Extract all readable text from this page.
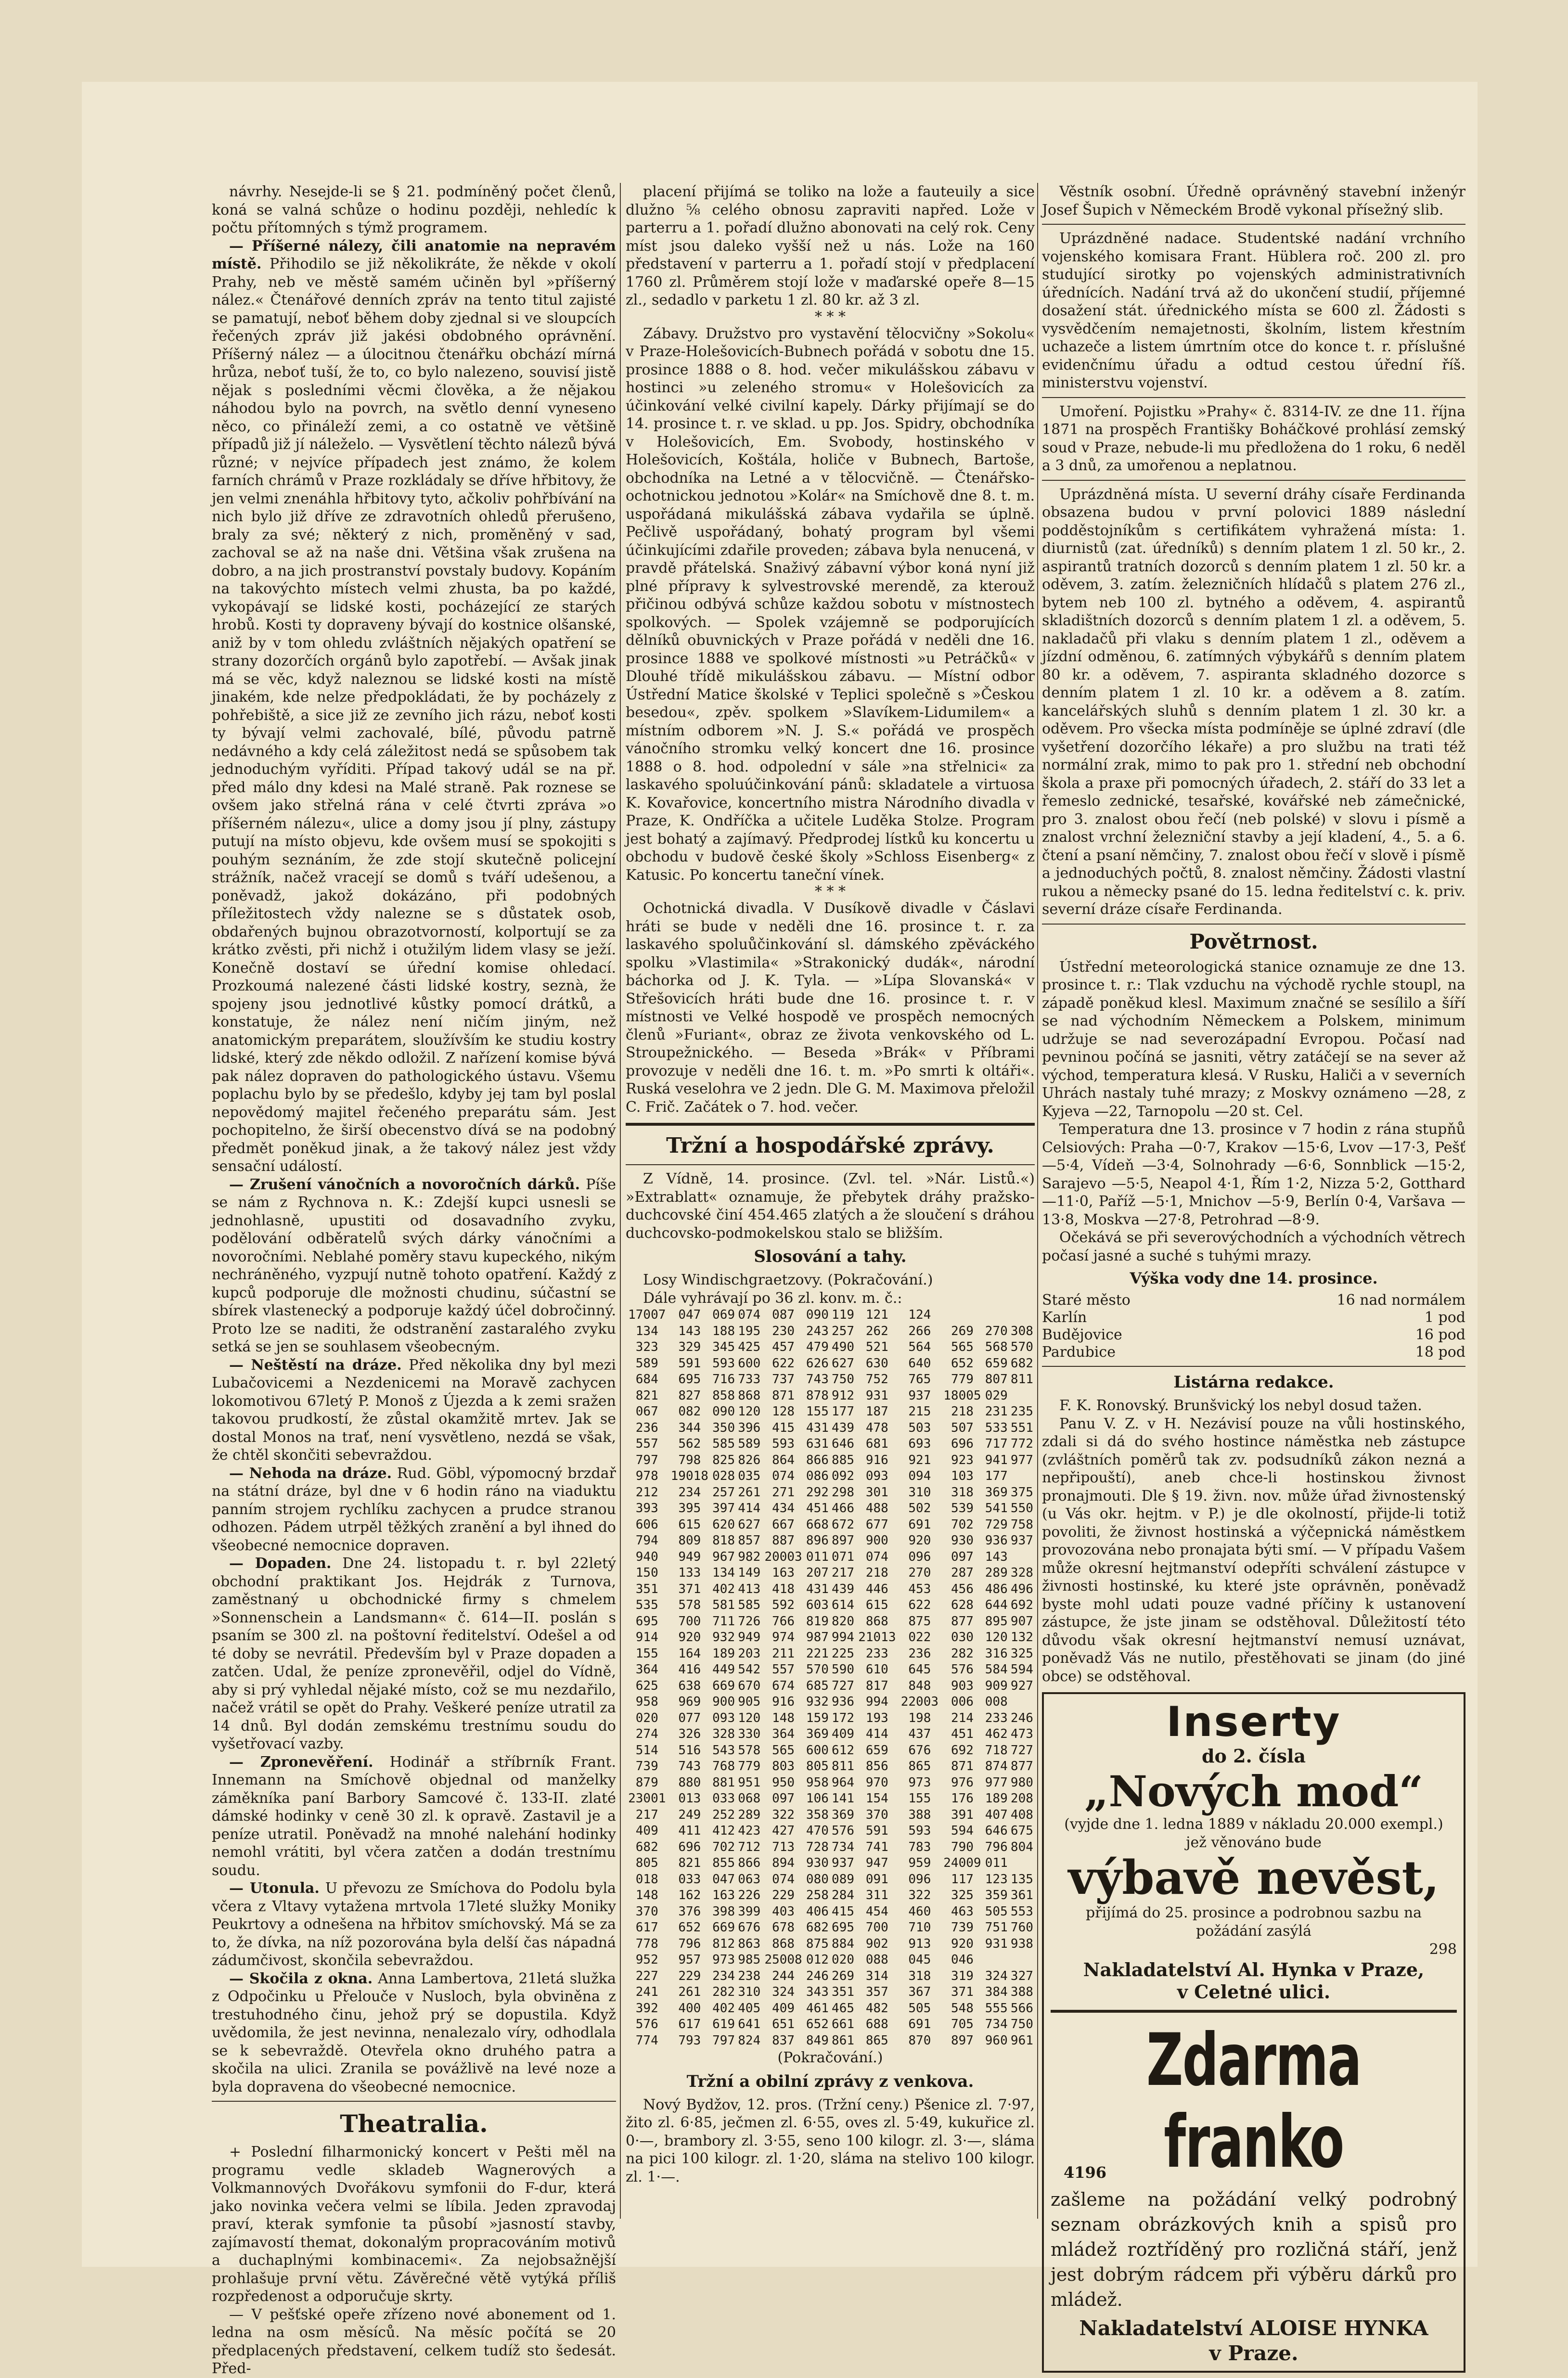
návrhy. Nesejde-li se § 21. podmíněný počet členů, koná se valná schůze o hodinu později, nehledíc k počtu přítomných s týmž programem.

— Příšerné nálezy, čili anatomie na nepravém místě. Přihodilo se již několikráte, že někde v okolí Prahy, neb ve městě samém učiněn byl »příšerný nález.« Čtenářové denních zpráv na tento titul zajisté se pamatují, neboť během doby zjednal si ve sloupcích řečených zpráv již jakési obdobného oprávnění. Příšerný nález — a úlocitnou čtenářku obchází mírná hrůza, neboť tuší, že to, co bylo nalezeno, souvisí jistě nějak s posledními věcmi člověka, a že nějakou náhodou bylo na povrch, na světlo denní vyneseno něco, co přináleží zemi, a co ostatně ve většině případů již jí náleželo. — Vysvětlení těchto nálezů bývá různé; v nejvíce případech jest známo, že kolem farních chrámů v Praze rozkládaly se dříve hřbitovy, že jen velmi znenáhla hřbitovy tyto, ačkoliv pohřbívání na nich bylo již dříve ze zdravotních ohledů přerušeno, braly za své; některý z nich, proměněný v sad, zachoval se až na naše dni. Většina však zrušena na dobro, a na jich prostranství povstaly budovy. Kopáním na takovýchto místech velmi zhusta, ba po každé, vykopávají se lidské kosti, pocházející ze starých hrobů. Kosti ty dopraveny bývají do kostnice olšanské, aniž by v tom ohledu zvláštních nějakých opatření se strany dozorčích orgánů bylo zapotřebí. — Avšak jinak má se věc, když naleznou se lidské kosti na místě jinakém, kde nelze předpokládati, že by pocházely z pohřebiště, a sice již ze zevního jich rázu, neboť kosti ty bývají velmi zachovalé, bílé, původu patrně nedávného a kdy celá záležitost nedá se spůsobem tak jednoduchým vyříditi. Případ takový udál se na př. před málo dny kdesi na Malé straně. Pak roznese se ovšem jako střelná rána v celé čtvrti zpráva »o příšerném nálezu«, ulice a domy jsou jí plny, zástupy putují na místo objevu, kde ovšem musí se spokojiti s pouhým seznáním, že zde stojí skutečně policejní strážník, načež vracejí se domů s tváří udešenou, a poněvadž, jakož dokázáno, při podobných příležitostech vždy nalezne se s důstatek osob, obdařených bujnou obrazotvorností, kolportují se za krátko zvěsti, při nichž i otužilým lidem vlasy se ježí. Konečně dostaví se úřední komise ohledací. Prozkoumá nalezené části lidské kostry, seznà, že spojeny jsou jednotlivé kůstky pomocí drátků, a konstatuje, že nález není ničím jiným, než anatomickým preparátem, sloužívším ke studiu kostry lidské, který zde někdo odložil. Z nařízení komise bývá pak nález dopraven do pathologického ústavu. Všemu poplachu bylo by se předešlo, kdyby jej tam byl poslal nepovědomý majitel řečeného preparátu sám. Jest pochopitelno, že širší obecenstvo dívá se na podobný předmět poněkud jinak, a že takový nález jest vždy sensační událostí.

— Zrušení vánočních a novoročních dárků. Píše se nám z Rychnova n. K.: Zdejší kupci usnesli se jednohlasně, upustiti od dosavadního zvyku, podělování odběratelů svých dárky vánočními a novoročními. Neblahé poměry stavu kupeckého, nikým nechráněného, vyzpují nutně tohoto opatření. Každý z kupců podporuje dle možnosti chudinu, súčastní se sbírek vlastenecký a podporuje každý účel dobročinný. Proto lze se naditi, že odstranění zastaralého zvyku setká se jen se souhlasem všeobecným.

— Neštěstí na dráze. Před několika dny byl mezi Lubačovicemi a Nezdenicemi na Moravě zachycen lokomotivou 67letý P. Monoš z Újezda a k zemi sražen takovou prudkostí, že zůstal okamžitě mrtev. Jak se dostal Monos na trať, není vysvětleno, nezdá se však, že chtěl skončiti sebevraždou.

— Nehoda na dráze. Rud. Göbl, výpomocný brzdař na státní dráze, byl dne v 6 hodin ráno na viaduktu panním strojem rychlíku zachycen a prudce stranou odhozen. Pádem utrpěl těžkých zranění a byl ihned do všeobecné nemocnice dopraven.

— Dopaden. Dne 24. listopadu t. r. byl 22letý obchodní praktikant Jos. Hejdrák z Turnova, zaměstnaný u obchodnické firmy s chmelem »Sonnenschein a Landsmann« č. 614—II. poslán s psaním se 300 zl. na poštovní ředitelství. Odešel a od té doby se nevrátil. Především byl v Praze dopaden a zatčen. Udal, že peníze zpronevěřil, odjel do Vídně, aby si prý vyhledal nějaké místo, což se mu nezdařilo, načež vrátil se opět do Prahy. Veškeré peníze utratil za 14 dnů. Byl dodán zemskému trestnímu soudu do vyšetřovací vazby.

— Zpronevěření. Hodinář a stříbrník Frant. Innemann na Smíchově objednal od manželky záměkníka paní Barbory Samcové č. 133-II. zlaté dámské hodinky v ceně 30 zl. k opravě. Zastavil je a peníze utratil. Poněvadž na mnohé nalehání hodinky nemohl vrátiti, byl včera zatčen a dodán trestnímu soudu.

— Utonula. U převozu ze Smíchova do Podolu byla včera z Vltavy vytažena mrtvola 17leté služky Moniky Peukrtovy a odnešena na hřbitov smíchovský. Má se za to, že dívka, na níž pozorována byla delší čas nápadná zádumčivost, skončila sebevraždou.

— Skočila z okna. Anna Lambertova, 21letá služka z Odpočinku u Přelouče v Nusloch, byla obviněna z trestuhodného činu, jehož prý se dopustila. Když uvědomila, že jest nevinna, nenalezalo víry, odhodlala se k sebevraždě. Otevřela okno druhého patra a skočila na ulici. Zranila se povážlivě na levé noze a byla dopravena do všeobecné nemocnice.

Theatralia.

+ Poslední filharmonický koncert v Pešti měl na programu vedle skladeb Wagnerových a Volkmannových Dvořákovu symfonii do F-dur, která jako novinka večera velmi se líbila. Jeden zpravodaj praví, kterak symfonie ta působí »jasností stavby, zajímavostí themat, dokonalým propracováním motivů a duchaplnými kombinacemi«. Za nejobsažnější prohlašuje první větu. Závěrečné větě vytýká příliš rozpředenost a odporučuje skrty.

— V pešťské opeře zřízeno nové abonement od 1. ledna na osm měsíců. Na měsíc počítá se 20 předplacených představení, celkem tudíž sto šedesát. Před-

placení přijímá se toliko na lože a fauteuily a sice dlužno ⅝ celého obnosu zapraviti napřed. Lože v parterru a 1. pořadí dlužno abonovati na celý rok. Ceny míst jsou daleko vyšší než u nás. Lože na 160 představení v parterru a 1. pořadí stojí v předplacení 1760 zl. Průměrem stojí lože v maďarské opeře 8—15 zl., sedadlo v parketu 1 zl. 80 kr. až 3 zl.

* * *

Zábavy. Družstvo pro vystavění tělocvičny »Sokolu« v Praze-Holešovicích-Bubnech pořádá v sobotu dne 15. prosince 1888 o 8. hod. večer mikulášskou zábavu v hostinci »u zeleného stromu« v Holešovicích za účinkování velké civilní kapely. Dárky přijímají se do 14. prosince t. r. ve sklad. u pp. Jos. Spidry, obchodníka v Holešovicích, Em. Svobody, hostinského v Holešovicích, Koštála, holiče v Bubnech, Bartoše, obchodníka na Letné a v tělocvičně. — Čtenářsko-ochotnickou jednotou »Kolár« na Smíchově dne 8. t. m. uspořádaná mikulášská zábava vydařila se úplně. Pečlivě uspořádaný, bohatý program byl všemi účinkujícími zdařile proveden; zábava byla nenucená, v pravdě přátelská. Snaživý zábavní výbor koná nyní již plné přípravy k sylvestrovské merendě, za kterouž přičinou odbývá schůze každou sobotu v místnostech spolkových. — Spolek vzájemně se podporujících dělníků obuvnických v Praze pořádá v neděli dne 16. prosince 1888 ve spolkové místnosti »u Petráčků« v Dlouhé třídě mikulášskou zábavu. — Místní odbor Ústřední Matice školské v Teplici společně s »Českou besedou«, zpěv. spolkem »Slavíkem-Lidumilem« a místním odborem »N. J. S.« pořádá ve prospěch vánočního stromku velký koncert dne 16. prosince 1888 o 8. hod. odpolední v sále »na střelnici« za laskavého spoluúčinkování pánů: skladatele a virtuosa K. Kovařovice, koncertního mistra Národního divadla v Praze, K. Ondříčka a učitele Luděka Stolze. Program jest bohatý a zajímavý. Předprodej lístků ku koncertu u obchodu v budově české školy »Schloss Eisenberg« z Katusic. Po koncertu taneční vínek.

* * *

Ochotnická divadla. V Dusíkově divadle v Čáslavi hráti se bude v neděli dne 16. prosince t. r. za laskavého spoluůčinkování sl. dámského zpěváckého spolku »Vlastimila« »Strakonický dudák«, národní báchorka od J. K. Tyla. — »Lípa Slovanská« v Střešovicích hráti bude dne 16. prosince t. r. v místnosti ve Velké hospodě ve prospěch nemocných členů »Furiant«, obraz ze života venkovského od L. Stroupežnického. — Beseda »Brák« v Příbrami provozuje v neděli dne 16. t. m. »Po smrti k oltáři«. Ruská veselohra ve 2 jedn. Dle G. M. Maximova přeložil C. Frič. Začátek o 7. hod. večer.

Tržní a hospodářské zprávy.

Z Vídně, 14. prosince. (Zvl. tel. »Nár. Listů.«) »Extrablatt« oznamuje, že přebytek dráhy pražsko-duchcovské činí 454.465 zlatých a že sloučení s dráhou duchcovsko-podmokelskou stalo se bližším.

Slosování a tahy.

Losy Windischgraetzovy. (Pokračování.)

Dále vyhrávají po 36 zl. konv. m. č.:

17007	047	069	074	087	090	119	121	124			
134	143	188	195	230	243	257	262	266	269	270	308
323	329	345	425	457	479	490	521	564	565	568	570
589	591	593	600	622	626	627	630	640	652	659	682
684	695	716	733	737	743	750	752	765	779	807	811
821	827	858	868	871	878	912	931	937	18005	029	
067	082	090	120	128	155	177	187	215	218	231	235
236	344	350	396	415	431	439	478	503	507	533	551
557	562	585	589	593	631	646	681	693	696	717	772
797	798	825	826	864	866	885	916	921	923	941	977
978	19018	028	035	074	086	092	093	094	103	177	
212	234	257	261	271	292	298	301	310	318	369	375
393	395	397	414	434	451	466	488	502	539	541	550
606	615	620	627	667	668	672	677	691	702	729	758
794	809	818	857	887	896	897	900	920	930	936	937
940	949	967	982	20003	011	071	074	096	097	143	
150	133	134	149	163	207	217	218	270	287	289	328
351	371	402	413	418	431	439	446	453	456	486	496
535	578	581	585	592	603	614	615	622	628	644	692
695	700	711	726	766	819	820	868	875	877	895	907
914	920	932	949	974	987	994	21013	022	030	120	132
155	164	189	203	211	221	225	233	236	282	316	325
364	416	449	542	557	570	590	610	645	576	584	594
625	638	669	670	674	685	727	817	848	903	909	927
958	969	900	905	916	932	936	994	22003	006	008	
020	077	093	120	148	159	172	193	198	214	233	246
274	326	328	330	364	369	409	414	437	451	462	473
514	516	543	578	565	600	612	659	676	692	718	727
739	743	768	779	803	805	811	856	865	871	874	877
879	880	881	951	950	958	964	970	973	976	977	980
23001	013	033	068	097	106	141	154	155	176	189	208
217	249	252	289	322	358	369	370	388	391	407	408
409	411	412	423	427	470	576	591	593	594	646	675
682	696	702	712	713	728	734	741	783	790	796	804
805	821	855	866	894	930	937	947	959	24009	011	
018	033	047	063	074	080	089	091	096	117	123	135
148	162	163	226	229	258	284	311	322	325	359	361
370	376	398	399	403	406	415	454	460	463	505	553
617	652	669	676	678	682	695	700	710	739	751	760
778	796	812	863	868	875	884	902	913	920	931	938
952	957	973	985	25008	012	020	088	045	046		
227	229	234	238	244	246	269	314	318	319	324	327
241	261	282	310	324	343	351	357	367	371	384	388
392	400	402	405	409	461	465	482	505	548	555	566
576	617	619	641	651	652	661	688	691	705	734	750
774	793	797	824	837	849	861	865	870	897	960	961
(Pokračování.)
Tržní a obilní zprávy z venkova.

Nový Bydžov, 12. pros. (Tržní ceny.) Pšenice zl. 7·97, žito zl. 6·85, ječmen zl. 6·55, oves zl. 5·49, kukuřice zl. 0·—, brambory zl. 3·55, seno 100 kilogr. zl. 3·—, sláma na pici 100 kilogr. zl. 1·20, sláma na stelivo 100 kilogr. zl. 1·—.

Věstník osobní. Úředně oprávněný stavební inženýr Josef Šupich v Německém Brodě vykonal přísežný slib.

Uprázdněné nadace. Studentské nadání vrchního vojenského komisara Frant. Hüblera roč. 200 zl. pro studující sirotky po vojenských administrativních úřednících. Nadání trvá až do ukončení studií, příjemné dosažení stát. úřednického místa se 600 zl. Žádosti s vysvědčením nemajetnosti, školním, listem křestním uchazeče a listem úmrtním otce do konce t. r. příslušné evidenčnímu úřadu a odtud cestou úřední říš. ministerstvu vojenství.

Umoření. Pojistku »Prahy« č. 8314-IV. ze dne 11. října 1871 na prospěch Františky Boháčkové prohlásí zemský soud v Praze, nebude-li mu předložena do 1 roku, 6 neděl a 3 dnů, za umořenou a neplatnou.

Uprázdněná místa. U severní dráhy císaře Ferdinanda obsazena budou v první polovici 1889 následní podděstojníkům s certifikátem vyhražená místa: 1. diurnistů (zat. úředníků) s denním platem 1 zl. 50 kr., 2. aspirantů tratních dozorců s denním platem 1 zl. 50 kr. a oděvem, 3. zatím. železničních hlídačů s platem 276 zl., bytem neb 100 zl. bytného a oděvem, 4. aspirantů skladištních dozorců s denním platem 1 zl. a oděvem, 5. nakladačů při vlaku s denním platem 1 zl., oděvem a jízdní odměnou, 6. zatímných výbykářů s denním platem 80 kr. a oděvem, 7. aspiranta skladného dozorce s denním platem 1 zl. 10 kr. a oděvem a 8. zatím. kancelářských sluhů s denním platem 1 zl. 30 kr. a oděvem. Pro všecka místa podmíněje se úplné zdraví (dle vyšetření dozorčího lékaře) a pro službu na trati též normální zrak, mimo to pak pro 1. střední neb obchodní škola a praxe při pomocných úřadech, 2. stáří do 33 let a řemeslo zednické, tesařské, kovářské neb zámečnické, pro 3. znalost obou řečí (neb polské) v slovu i písmě a znalost vrchní železniční stavby a její kladení, 4., 5. a 6. čtení a psaní němčiny, 7. znalost obou řečí v slově i písmě a jednoduchých počtů, 8. znalost němčiny. Žádosti vlastní rukou a německy psané do 15. ledna ředitelství c. k. priv. severní dráze císaře Ferdinanda.

Povětrnost.

Ústřední meteorologická stanice oznamuje ze dne 13. prosince t. r.: Tlak vzduchu na východě rychle stoupl, na západě poněkud klesl. Maximum značné se sesílilo a šíří se nad východním Německem a Polskem, minimum udržuje se nad severozápadní Evropou. Počasí nad pevninou počíná se jasniti, větry zatáčejí se na sever až východ, temperatura klesá. V Rusku, Haliči a v severních Uhrách nastaly tuhé mrazy; z Moskvy oznámeno —28, z Kyjeva —22, Tarnopolu —20 st. Cel.

Temperatura dne 13. prosince v 7 hodin z rána stupňů Celsiových: Praha —0·7, Krakov —15·6, Lvov —17·3, Pešť —5·4, Vídeň —3·4, Solnohrady —6·6, Sonnblick —15·2, Sarajevo —5·5, Neapol 4·1, Řím 1·2, Nizza 5·2, Gotthard —11·0, Paříž —5·1, Mnichov —5·9, Berlín 0·4, Varšava —13·8, Moskva —27·8, Petrohrad —8·9.

Očekává se při severovýchodních a východních větrech počasí jasné a suché s tuhými mrazy.

Výška vody dne 14. prosince.
Staré město	16 nad normálem
Karlín	1 pod
Budějovice	16 pod
Pardubice	18 pod
Listárna redakce.

F. K. Ronovský. Brunšvický los nebyl dosud tažen.

Panu V. Z. v H. Nezávisí pouze na vůli hostinského, zdali si dá do svého hostince náměstka neb zástupce (zvláštních poměrů tak zv. podsudníků zákon nezná a nepřipouští), aneb chce-li hostinskou živnost pronajmouti. Dle § 19. živn. nov. může úřad živnostenský (u Vás okr. hejtm. v P.) je dle okolností, přijde-li totiž povoliti, že živnost hostinská a výčepnická náměstkem provozována nebo pronajata býti smí. — V případu Vašem může okresní hejtmanství odepříti schválení zástupce v živnosti hostinské, ku které jste oprávněn, poněvadž byste mohl udati pouze vadné příčiny k ustanovení zástupce, že jste jinam se odstěhoval. Důležitostí této důvodu však okresní hejtmanství nemusí uznávat, poněvadž Vás ne nutilo, přestěhovati se jinam (do jiné obce) se odstěhoval.

Inserty
do 2. čísla
„Nových mod“
(vyjde dne 1. ledna 1889 v nákladu 20.000 exempl.)
jež věnováno bude
výbavě nevěst,
přijímá do 25. prosince a podrobnou sazbu na požádání zasýlá
298
Nakladatelství Al. Hynka v Praze,
v Celetné ulici.
Zdarma franko
zašleme na požádání velký podrobný seznam obrázkových knih a spisů pro mládež roztříděný pro rozličná stáří, jenž jest dobrým rádcem při výběru dárků pro mládež.
Nakladatelství ALOISE HYNKA
v Praze.
4196
